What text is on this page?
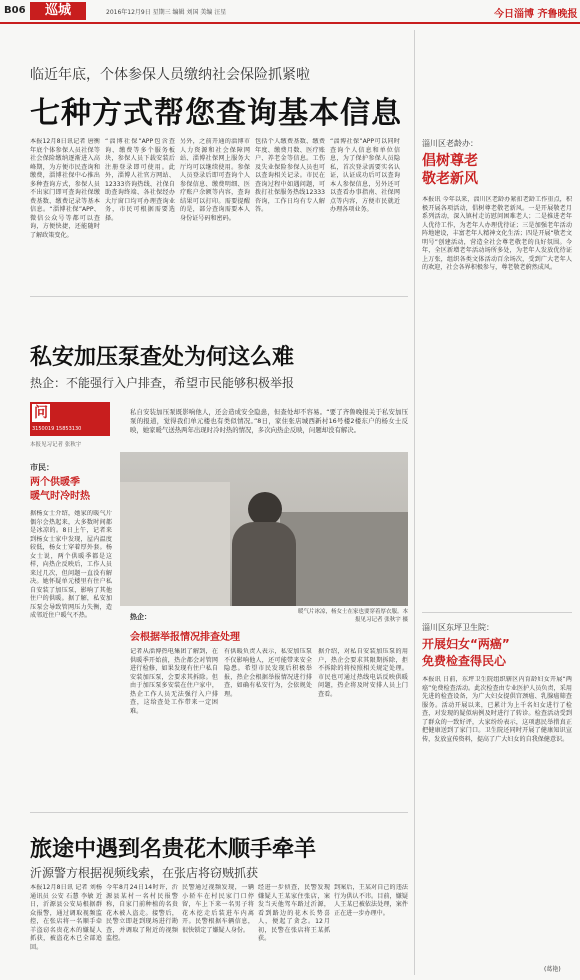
B06	巡城	2016年12月9日 星期三 编辑 刘国 美编 汪星	今日淄博 齐鲁晚报
临近年底，个体参保人员缴纳社会保险抓紧啦
七种方式帮您查询基本信息
本报12月8日讯记者 唐衡 年底个体参保人员社保等社会保险缴纳逐渐进入高峰期，为方便市民查询和缴费，淄博社保中心推出多种查询方式，参保人员不出家门即可查询社保缴费基数、缴费记录等基本信息。“淄博社保”APP、微信公众号等都可以查询，方便快捷，还能随时了解政策变化。
“淄博社保”APP包含查询、缴费等多个服务板块，参保人员下载安装后注册登录即可使用。此外，淄博人社官方网站、12333咨询热线、社保自助查询终端、各社保经办大厅窗口均可办理查询业务，市民可根据需要选择。
另外，之前开通的淄博市人力资源和社会保障网站、淄博社保网上服务大厅均可以继续使用。参保人员登录后即可查询个人参保信息、缴费明细、医疗账户余额等内容，查询结果可以打印。需要提醒的是，部分查询需要本人身份证号码和密码。
包括个人缴费基数、缴费年度、缴费月数、医疗账户、养老金等信息。工伤及失业保险参保人员也可以查询相关记录。市民在查询过程中如遇问题，可拨打社保服务热线12333咨询，工作日均有专人解答。
“淄博社保”APP可以同时查询个人信息和单位信息，为了保护参保人员隐私，首次登录需要实名认证，认证成功后可以查询本人参保信息，另外还可以查看办事指南、社保网点等内容，方便市民就近办理各项业务。
私安加压泵查处为何这么难
热企：不能强行入户排查，希望市民能够积极举报
问
3150019 15853130
本报见习记者 张秋宇
私自安装加压泵既影响他人，还会造成安全隐患，但查处却不容易。“要了齐鲁晚报关于私安加压泵的报道，觉得我们单元楼也有类似情况。”8日，家住张店城西新村16号楼2楼东户的杨女士反映，她家暖气送热两年出现时冷时热的情况，多次向热企反映，问题却没有解决。
市民：
两个供暖季
暖气时冷时热
据杨女士介绍，她家的暖气片偶尔会热起来，大多数时间都是冰凉的。8日上午，记者来到杨女士家中发现，屋内温度较低，杨女士穿着厚外套。杨女士说，两个供暖季都是这样，向热企反映后，工作人员来过几次，但问题一直没有解决。她怀疑单元楼里有住户私自安装了加压泵，影响了其他住户的供暖。据了解，私安加压泵会导致管网压力失衡，造成邻近住户暖气不热。	暖气片冰凉，杨女士在家也要穿着厚衣服。本报见习记者 张秋宇 摄
热企：
会根据举报情况排查处理
记者从淄博热电集团了解到，在供暖季开始前，热企都会对管网进行检修，如果发现有住户私自安装加压泵，会要求其拆除。但由于加压泵多安装在住户家中，热企工作人员无法强行入户排查，这给查处工作带来一定困难。
有供暖负责人表示，私安加压泵不仅影响他人，还可能带来安全隐患。希望市民发现后积极举报，热企会根据举报情况进行排查，如确有私安行为，会依规处理。
据介绍，对私自安装加压泵的用户，热企会要求其限期拆除，拒不拆除的将按照相关规定处理。市民也可通过热线电话反映供暖问题，热企将及时安排人员上门查看。
旅途中遇到名贵花木顺手牵羊
沂源警方根据视频线索，在张店将窃贼抓获
本报12月8日讯 记者 刘杨 通讯员 公安 石慧 李敏 近日，沂源县公安局根据群众报警，通过调取视频监控，在张店将一名顺手牵羊盗窃名贵花木的嫌疑人抓获，被盗花木已全部追回。
今年8月24日14时许，沂源县某村一名村民报警称，自家门前种植的名贵花木被人盗走。接警后，民警立即赶到现场进行勘查，并调取了附近的视频监控。
民警通过视频发现，一辆小轿车在村民家门口停留，车上下来一名男子将花木挖走后装进车内离开。民警根据车辆信息，很快锁定了嫌疑人身份。
经进一步侦查，民警发现嫌疑人王某家住张店，案发当天他驾车路过沂源，看到路边的花木长势喜人，便起了贪念。12月初，民警在张店将王某抓获。
到案后，王某对自己的违法行为供认不讳。目前，嫌疑人王某已被依法处理，案件正在进一步办理中。
淄川区老龄办：
倡树尊老
敬老新风
本报讯 今年以来，淄川区老龄办紧扣老龄工作重点，积极开展各项活动，倡树尊老敬老新风。一是开展敬老月系列活动，深入镇村走访慰问困难老人；二是推进老年人优待工作，为老年人办理优待证；三是加强老年活动阵地建设，丰富老年人精神文化生活；四是开展“敬老文明号”创建活动，营造全社会尊老敬老的良好氛围。今年，全区新增老年活动场所多处，为老年人发放优待证上万张，组织各类文体活动百余场次，受到广大老年人的欢迎，社会各界积极参与，尊老敬老蔚然成风。
淄川区东坪卫生院：
开展妇女“两癌”
免费检查得民心
本报讯 日前，东坪卫生院组织辖区内育龄妇女开展“两癌”免费检查活动。此次检查由专业医护人员负责，采用先进的检查设备，为广大妇女提供宫颈癌、乳腺癌筛查服务。活动开展以来，已累计为上千名妇女进行了检查，对发现的疑似病例及时进行了转诊。检查活动受到了群众的一致好评，大家纷纷表示，这项惠民举措真正把健康送到了家门口。卫生院还同时开展了健康知识宣传，发放宣传资料，提高了广大妇女的自我保健意识。
(葛艳)
